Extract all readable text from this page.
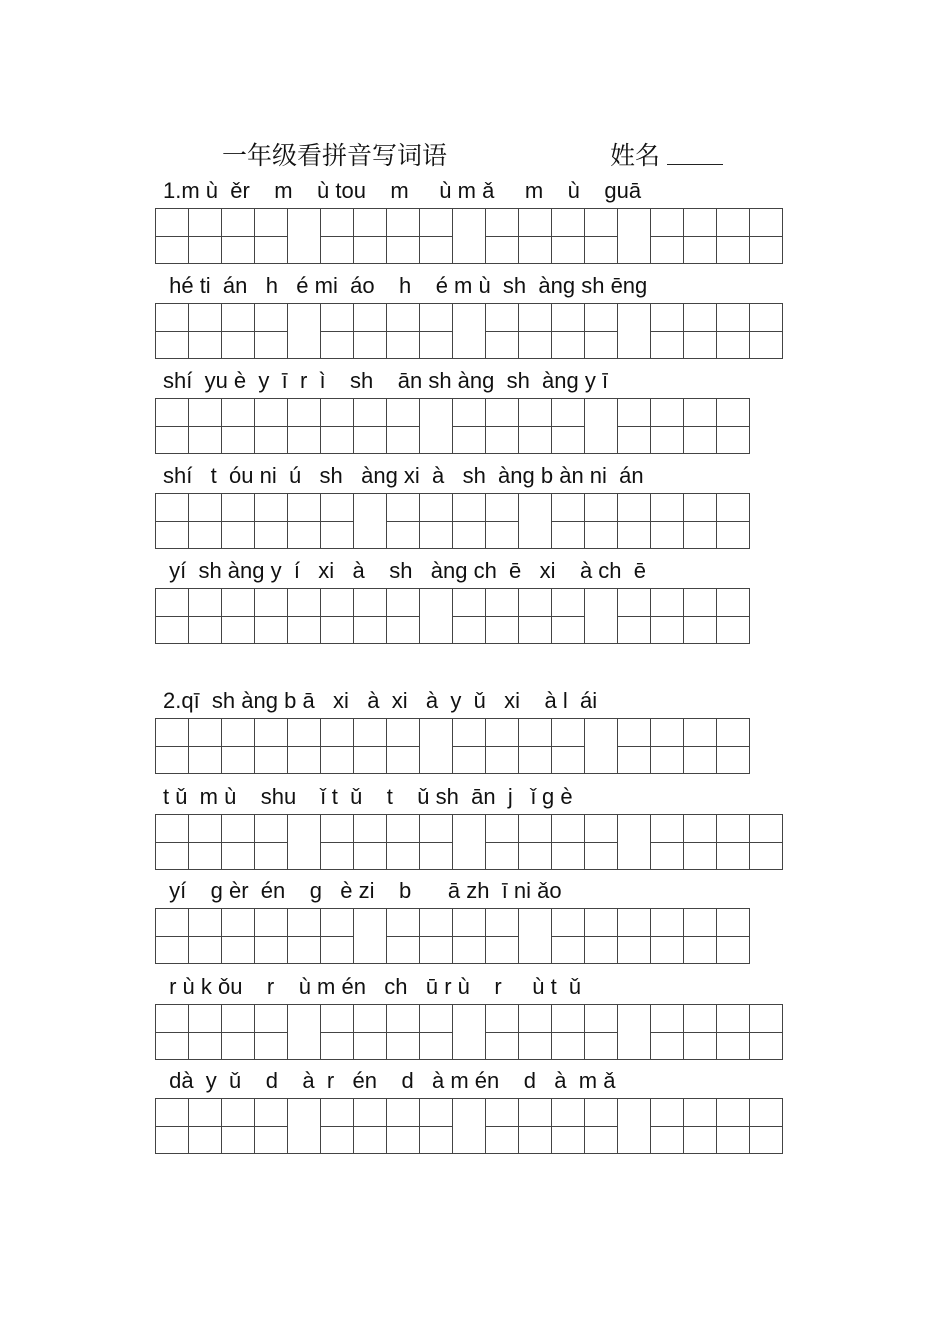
一年级看拼音写词语	姓名
1.m ù  ěr    m    ù tou    m     ù m ǎ     m    ù    guā
hé ti  án   h   é mi  áo    h    é m ù  sh  àng sh ēng
shí  yu è  y  ī  r  ì    sh    ān sh àng  sh  àng y ī
shí   t  óu ni  ú   sh   àng xi  à   sh  àng b àn ni  án
yí  sh àng y  í   xi   à    sh   àng ch  ē   xi    à ch  ē
2.qī  sh àng b ā   xi   à  xi   à  y  ǔ   xi    à l  ái
t ǔ  m ù    shu    ǐ t  ǔ    t    ǔ sh  ān  j   ǐ g è
yí    g èr  én    g   è zi    b      ā zh  ī ni ǎo
r ù k ǒu    r    ù m én   ch   ū r ù    r     ù t  ǔ
dà  y  ǔ    d    à  r   én    d   à m én    d   à  m ǎ
